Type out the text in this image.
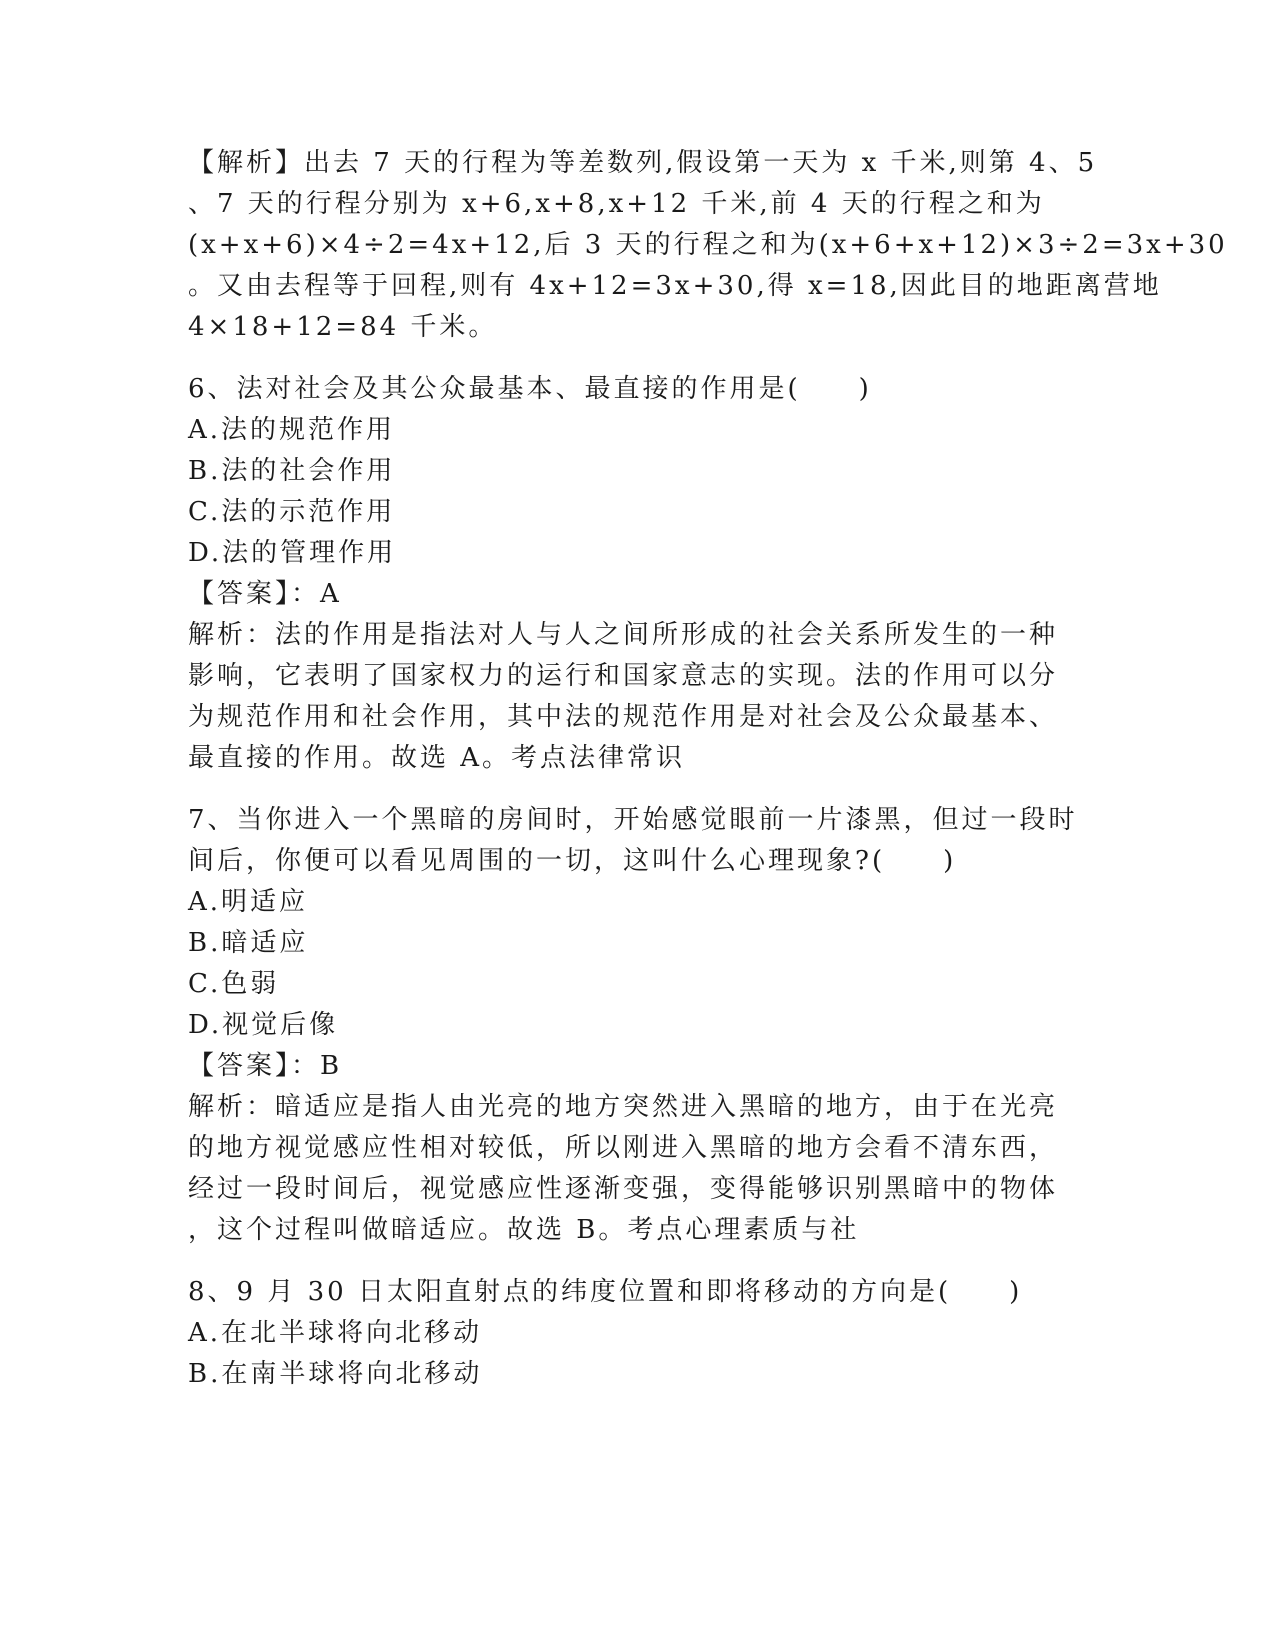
【解析】出去 7 天的行程为等差数列,假设第一天为 x 千米,则第 4、5
、7 天的行程分别为 x+6,x+8,x+12 千米,前 4 天的行程之和为
(x+x+6)×4÷2=4x+12,后 3 天的行程之和为(x+6+x+12)×3÷2=3x+30
。又由去程等于回程,则有 4x+12=3x+30,得 x=18,因此目的地距离营地
4×18+12=84 千米。
6、法对社会及其公众最基本、最直接的作用是(　　)
A.法的规范作用
B.法的社会作用
C.法的示范作用
D.法的管理作用
【答案】：A
解析：法的作用是指法对人与人之间所形成的社会关系所发生的一种
影响，它表明了国家权力的运行和国家意志的实现。法的作用可以分
为规范作用和社会作用，其中法的规范作用是对社会及公众最基本、
最直接的作用。故选 A。考点法律常识
7、当你进入一个黑暗的房间时，开始感觉眼前一片漆黑，但过一段时
间后，你便可以看见周围的一切，这叫什么心理现象?(　　)
A.明适应
B.暗适应
C.色弱
D.视觉后像
【答案】：B
解析：暗适应是指人由光亮的地方突然进入黑暗的地方，由于在光亮
的地方视觉感应性相对较低，所以刚进入黑暗的地方会看不清东西，
经过一段时间后，视觉感应性逐渐变强，变得能够识别黑暗中的物体
，这个过程叫做暗适应。故选 B。考点心理素质与社
8、9 月 30 日太阳直射点的纬度位置和即将移动的方向是(　　)
A.在北半球将向北移动
B.在南半球将向北移动
